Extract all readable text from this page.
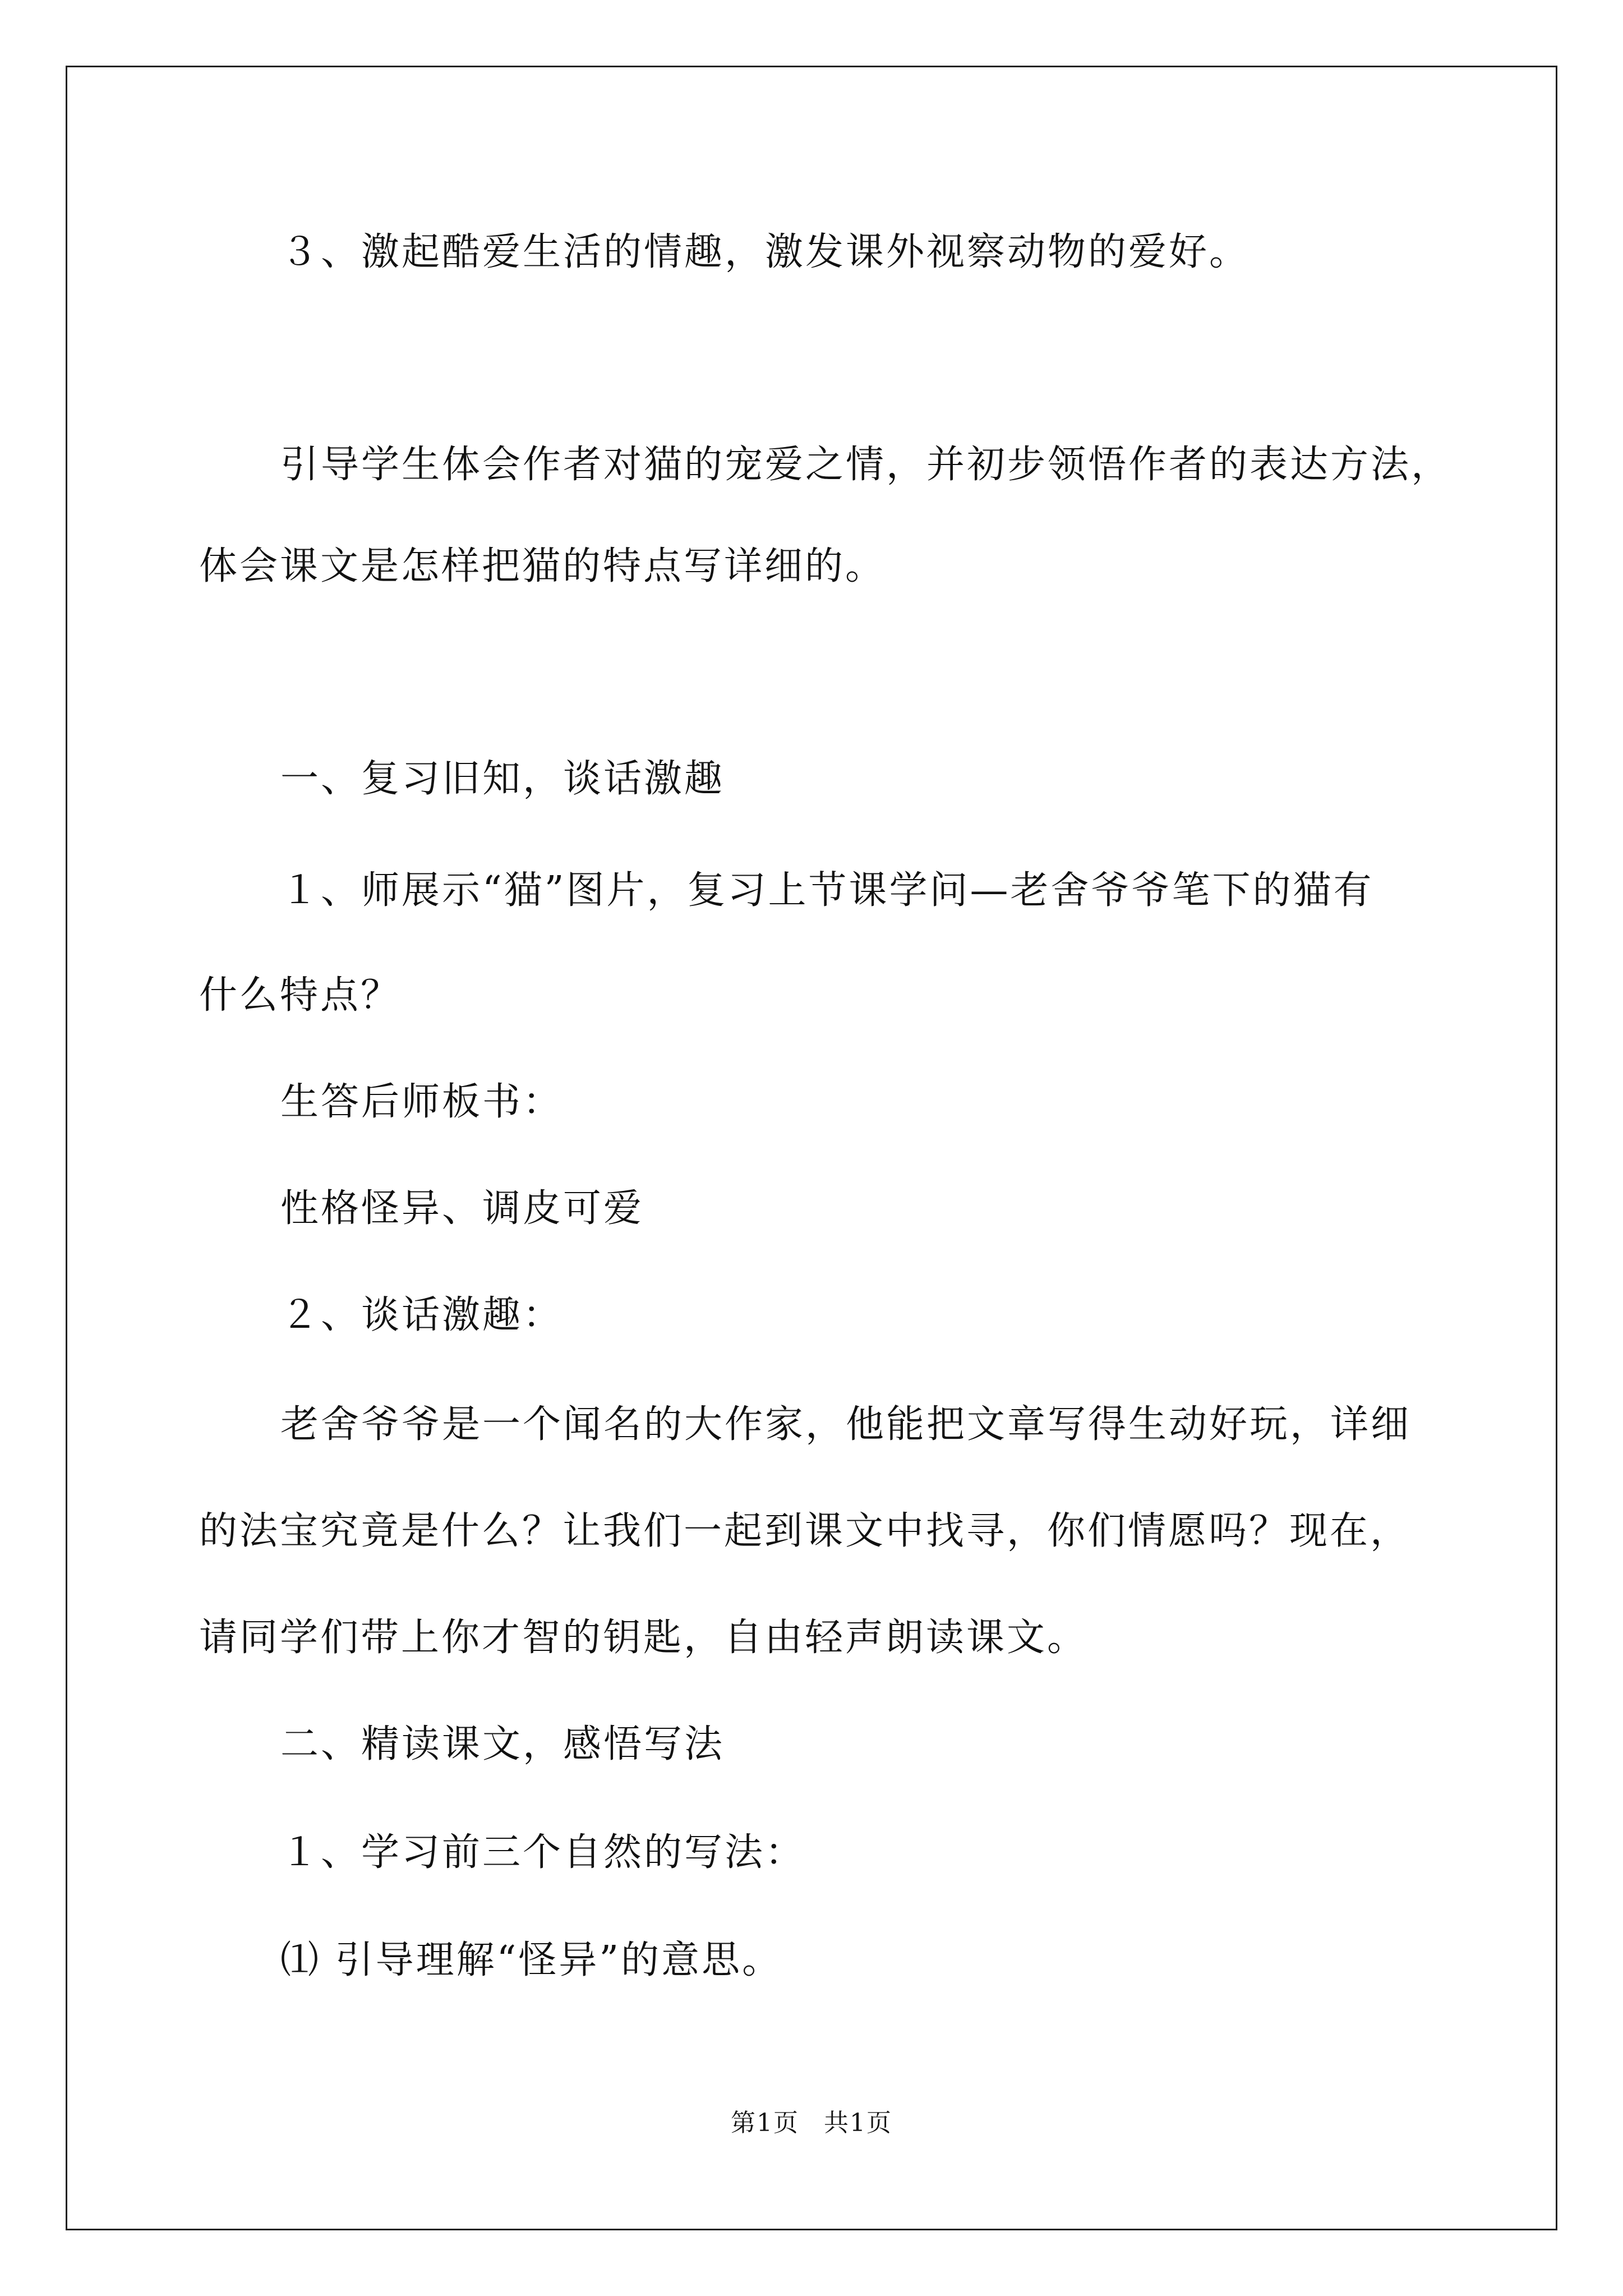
３、激起酷爱生活的情趣，激发课外视察动物的爱好。
引导学生体会作者对猫的宠爱之情，并初步领悟作者的表达方法，
体会课文是怎样把猫的特点写详细的。
一、复习旧知，谈话激趣
１、师展示“猫”图片，复习上节课学问—老舍爷爷笔下的猫有
什么特点？
生答后师板书：
性格怪异、调皮可爱
２、谈话激趣：
老舍爷爷是一个闻名的大作家，他能把文章写得生动好玩，详细
的法宝究竟是什么？让我们一起到课文中找寻，你们情愿吗？现在，
请同学们带上你才智的钥匙，自由轻声朗读课文。
二、精读课文，感悟写法
１、学习前三个自然的写法：
⑴ 引导理解“怪异”的意思。
第1页 共1页
